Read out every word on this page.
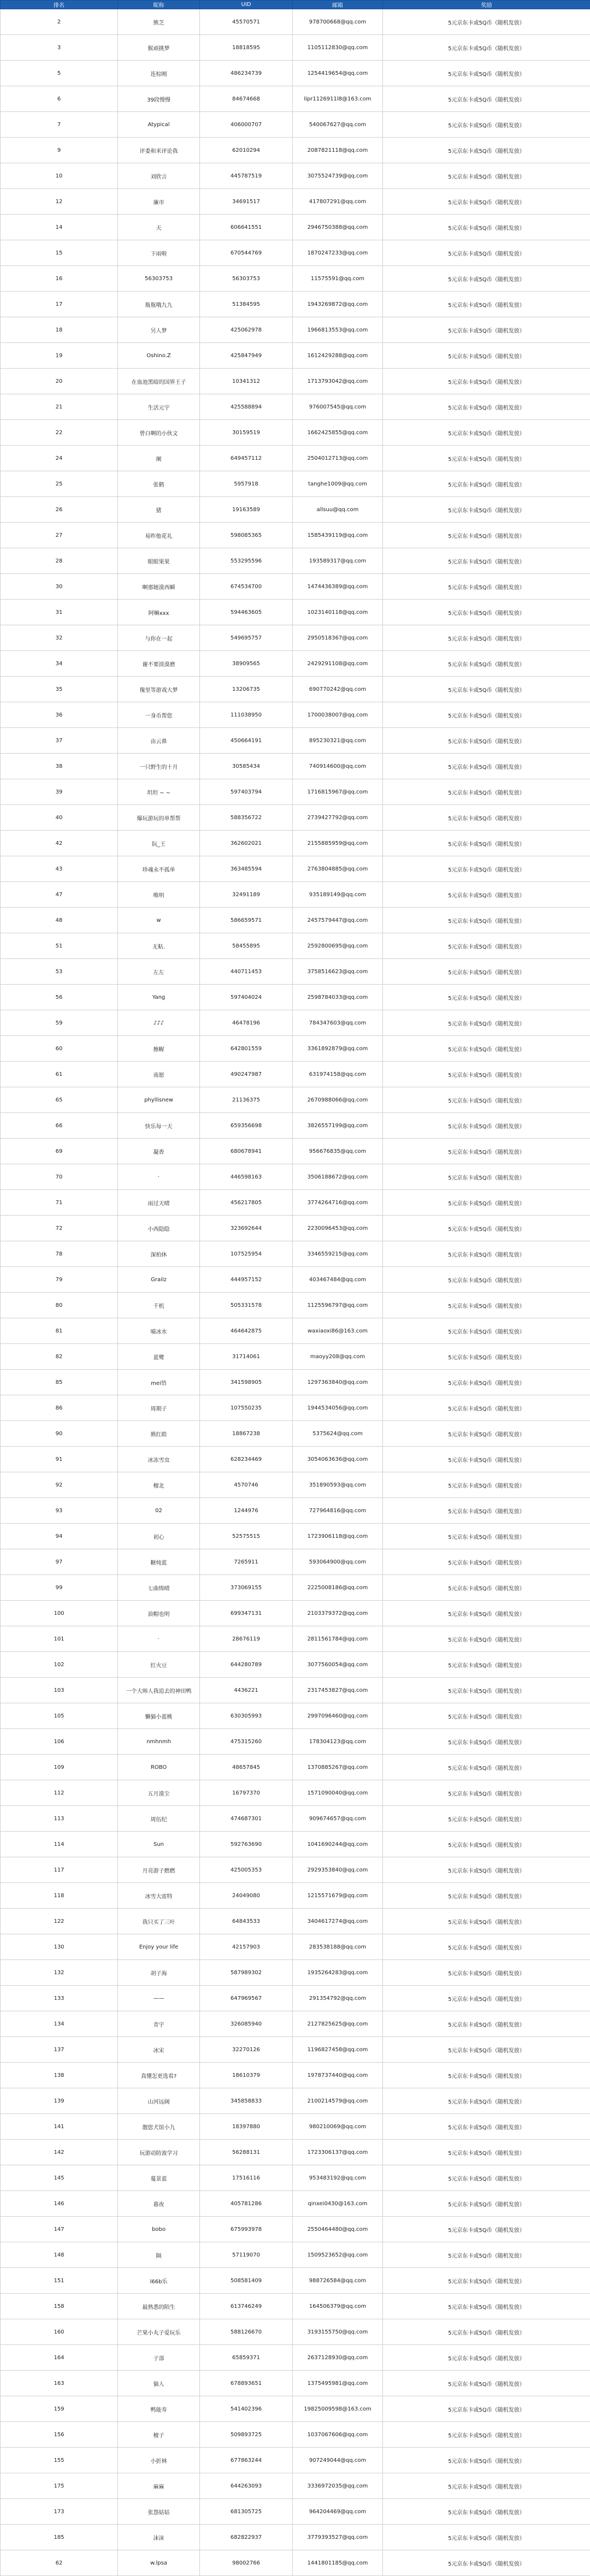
排名	昵称	UID	邮箱	奖励
2	熊芝	45570571	978700668@qq.com	5元京东卡或5Q币（随机发放）
3	猴顽挑梦	18818595	1105112830@qq.com	5元京东卡或5Q币（随机发放）
5	连棕刚	486234739	1254419654@qq.com	5元京东卡或5Q币（随机发放）
6	39段慢慢	84674668	lipr1126911l8@163.com	5元京东卡或5Q币（随机发放）
7	Atypical	406000707	540067627@qq.com	5元京东卡或5Q币（随机发放）
9	评委和米评论我	62010294	2087821118@qq.com	5元京东卡或5Q币（随机发放）
10	刘欣言	445787519	3075524739@qq.com	5元京东卡或5Q币（随机发放）
12	廉市	34691517	417807291@qq.com	5元京东卡或5Q币（随机发放）
14	天	606641551	2946750388@qq.com	5元京东卡或5Q币（随机发放）
15	下雨啦	670544769	1870247233@qq.com	5元京东卡或5Q币（随机发放）
16	56303753	56303753	11575591@qq.com	5元京东卡或5Q币（随机发放）
17	瓶瓶哦九九	51384595	1943269872@qq.com	5元京东卡或5Q币（随机发放）
18	另人梦	425062978	1966813553@qq.com	5元京东卡或5Q币（随机发放）
19	Oshino.Z	425847949	1612429288@qq.com	5元京东卡或5Q币（随机发放）
20	在血池黑暗的国界王子	10341312	1713793042@qq.com	5元京东卡或5Q币（随机发放）
21	生活元宇	425588894	976007545@qq.com	5元京东卡或5Q币（随机发放）
22	曾白啊的小伙文	30159519	1662425855@qq.com	5元京东卡或5Q币（随机发放）
24	阑	649457112	2504012713@qq.com	5元京东卡或5Q币（随机发放）
25	张鹤	5957918	tanghe1009@qq.com	5元京东卡或5Q币（随机发放）
26	猪	19163589	allsuu@qq.com	5元京东卡或5Q币（随机发放）
27	易昨他花礼	598085365	1585439119@qq.com	5元京东卡或5Q币（随机发放）
28	眼眼果果	553295596	193589317@qq.com	5元京东卡或5Q币（随机发放）
30	啊那她漠西瞬	674534700	1474436389@qq.com	5元京东卡或5Q币（随机发放）
31	阿嘛xxx	594463605	1023140118@qq.com	5元京东卡或5Q币（随机发放）
32	与你在一起	549695757	2950518367@qq.com	5元京东卡或5Q币（随机发放）
34	谢不要淡漠磨	38909565	2429291108@qq.com	5元京东卡或5Q币（随机发放）
35	傀里等游戏大梦	13206735	690770242@qq.com	5元京东卡或5Q币（随机发放）
36	一身币帮您	111038950	1700038007@qq.com	5元京东卡或5Q币（随机发放）
37	由云鼻	450664191	895230321@qq.com	5元京东卡或5Q币（随机发放）
38	一只野生的十月	30585434	740914600@qq.com	5元京东卡或5Q币（随机发放）
39	坦坦 ~ ~	597403794	1716815967@qq.com	5元京东卡或5Q币（随机发放）
40	爆玩游玩的单帮帮	588356722	2739427792@qq.com	5元京东卡或5Q币（随机发放）
42	阮_王	362602021	2155885959@qq.com	5元京东卡或5Q币（随机发放）
43	珍魂永不孤单	363485594	2763804885@qq.com	5元京东卡或5Q币（随机发放）
47	唯明	32491189	935189149@qq.com	5元京东卡或5Q币（随机发放）
48	w	586659571	2457579447@qq.com	5元京东卡或5Q币（随机发放）
51	无粘.	58455895	2592800695@qq.com	5元京东卡或5Q币（随机发放）
53	左左	440711453	3758516623@qq.com	5元京东卡或5Q币（随机发放）
56	Yang	597404024	2598784033@qq.com	5元京东卡或5Q币（随机发放）
59	♪♪♪	46478196	784347603@qq.com	5元京东卡或5Q币（随机发放）
60	擦幄	642801559	3361892879@qq.com	5元京东卡或5Q币（随机发放）
61	南愿	490247987	631974158@qq.com	5元京东卡或5Q币（随机发放）
65	phyllisnew	21136375	2670988066@qq.com	5元京东卡或5Q币（随机发放）
66	快乐每一天	659356698	3826557199@qq.com	5元京东卡或5Q币（随机发放）
69	凝香	680678941	956676835@qq.com	5元京东卡或5Q币（随机发放）
70	·	446598163	3506188672@qq.com	5元京东卡或5Q币（随机发放）
71	雨过天晴	456217805	3774264716@qq.com	5元京东卡或5Q币（随机发放）
72	小西隐隐	323692644	2230096453@qq.com	5元京东卡或5Q币（随机发放）
78	深柏休	107525954	3346559215@qq.com	5元京东卡或5Q币（随机发放）
79	Grailz	444957152	403467484@qq.com	5元京东卡或5Q币（随机发放）
80	千机	505331578	1125596797@qq.com	5元京东卡或5Q币（随机发放）
81	喵冰水	464642875	waxiaoxi86@163.com	5元京东卡或5Q币（随机发放）
82	蓝鹭	31714061	maoyy208@qq.com	5元京东卡或5Q币（随机发放）
85	mei悟	341598905	1297363840@qq.com	5元京东卡或5Q币（随机发放）
86	周期子	107550235	1944534056@qq.com	5元京东卡或5Q币（随机发放）
90	熊红皓	18867238	5375624@qq.com	5元京东卡或5Q币（随机发放）
91	冰冻雪虫	628234469	3054063636@qq.com	5元京东卡或5Q币（随机发放）
92	檀北	4570746	351890593@qq.com	5元京东卡或5Q币（随机发放）
93	02	1244976	727964816@qq.com	5元京东卡或5Q币（随机发放）
94	初心	52575515	1723906118@qq.com	5元京东卡或5Q币（随机发放）
97	糖炖蓝	7265911	593064900@qq.com	5元京东卡或5Q币（随机发放）
99	七曲绵晴	373069155	2225008186@qq.com	5元京东卡或5Q币（随机发放）
100	浪帽也明	699347131	2103379372@qq.com	5元京东卡或5Q币（随机发放）
101	·	28676119	2811561784@qq.com	5元京东卡或5Q币（随机发放）
102	红火豆	644280789	3077560054@qq.com	5元京东卡或5Q币（随机发放）
103	一个大师人我追去的神田鸭	4436221	2317453827@qq.com	5元京东卡或5Q币（随机发放）
105	懒猫小蓝桃	630305993	2997096460@qq.com	5元京东卡或5Q币（随机发放）
106	nmhnmh	475315260	178304123@qq.com	5元京东卡或5Q币（随机发放）
109	ROBO	48657845	1370885267@qq.com	5元京东卡或5Q币（随机发放）
112	五月漠尘	16797370	1571090040@qq.com	5元京东卡或5Q币（随机发放）
113	周伍纪	474687301	909674657@qq.com	5元京东卡或5Q币（随机发放）
114	Sun	592763690	1041690244@qq.com	5元京东卡或5Q币（随机发放）
117	月亮游子燃燃	425005353	2929353840@qq.com	5元京东卡或5Q币（随机发放）
118	冰雪大雷特	24049080	1215571679@qq.com	5元京东卡或5Q币（随机发放）
122	我只买了三叶	64843533	3404617274@qq.com	5元京东卡或5Q币（随机发放）
130	Enjoy your life	42157903	283538188@qq.com	5元京东卡或5Q币（随机发放）
132	胡子海	587989302	1935264283@qq.com	5元京东卡或5Q币（随机发放）
133	——	647969567	291354792@qq.com	5元京东卡或5Q币（随机发放）
134	青宇	326085940	2127825625@qq.com	5元京东卡或5Q币（随机发放）
137	冰宋	32270126	1196827458@qq.com	5元京东卡或5Q币（随机发放）
138	真懂怎更选看?	18610379	1978737440@qq.com	5元京东卡或5Q币（随机发放）
139	山河远阔	345858833	2100214579@qq.com	5元京东卡或5Q币（随机发放）
141	靓您犬馆小九	18397880	980210069@qq.com	5元京东卡或5Q币（随机发放）
142	玩游动防波学习	56288131	1723306137@qq.com	5元京东卡或5Q币（随机发放）
145	蔓景蓝	17516116	953483192@qq.com	5元京东卡或5Q币（随机发放）
146	暮夜	405781286	qinxei0430@163.com	5元京东卡或5Q币（随机发放）
147	bobo	675993978	2550464480@qq.com	5元京东卡或5Q币（随机发放）
148	隔	57119070	1509523652@qq.com	5元京东卡或5Q币（随机发放）
151	l66b乐	508581409	988726584@qq.com	5元京东卡或5Q币（随机发放）
158	最熟悉的陌生	613746249	164506379@qq.com	5元京东卡或5Q币（随机发放）
160	芒果小丸子爱玩乐	588126670	3193155750@qq.com	5元京东卡或5Q币（随机发放）
164	子部	65859371	2637128930@qq.com	5元京东卡或5Q币（随机发放）
163	猫人	678893651	1375495981@qq.com	5元京东卡或5Q币（随机发放）
159	鸭能寿	541402396	19825009598@163.com	5元京东卡或5Q币（随机发放）
156	檀子	509893725	1037067606@qq.com	5元京东卡或5Q币（随机发放）
155	小折林	677863244	907249044@qq.com	5元京东卡或5Q币（随机发放）
175	麻麻	644263093	3336972035@qq.com	5元京东卡或5Q币（随机发放）
173	张怨姑姑	681305725	964204469@qq.com	5元京东卡或5Q币（随机发放）
185	沫沫	682822937	3779393527@qq.com	5元京东卡或5Q币（随机发放）
62	w.lpsa	98002766	1441801185@qq.com	5元京东卡或5Q币（随机发放）
